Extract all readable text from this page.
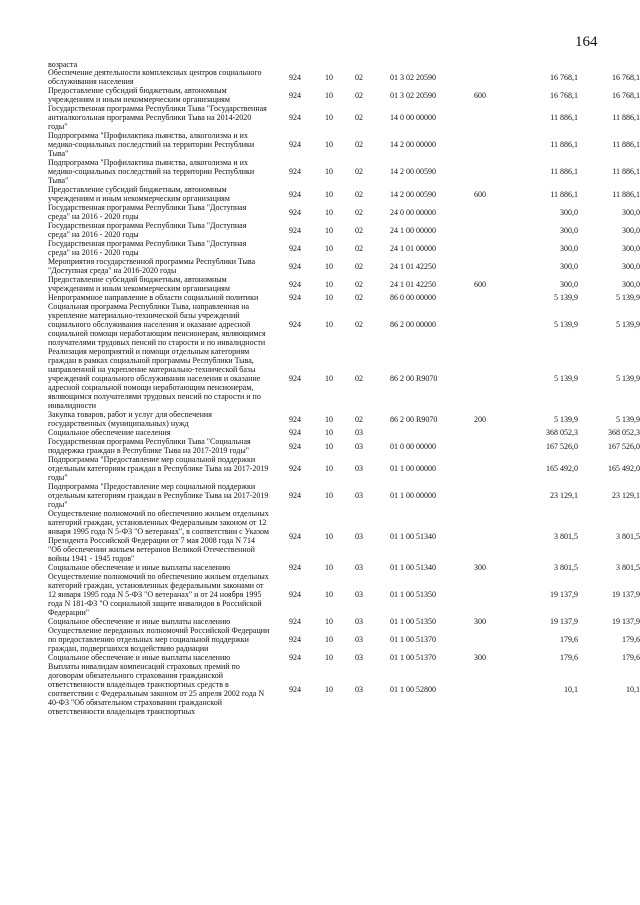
164
возраста
Обеспечение деятельности комплексных центров социального обслуживания населения	924	10	02	01 3 02 20590		16 768,1	16 768,1
Предоставление субсидий бюджетным, автономным учреждениям и иным некоммерческим организациям	924	10	02	01 3 02 20590	600	16 768,1	16 768,1
Государственная программа Республики Тыва "Государственная антиалкогольная программа Республики Тыва на 2014-2020 годы"	924	10	02	14 0 00 00000		11 886,1	11 886,1
Подпрограмма "Профилактика пьянства, алкоголизма и их медико-социальных последствий на территории Республики Тыва"	924	10	02	14 2 00 00000		11 886,1	11 886,1
Подпрограмма "Профилактика пьянства, алкоголизма и их медико-социальных последствий на территории Республики Тыва"	924	10	02	14 2 00 00590		11 886,1	11 886,1
Предоставление субсидий бюджетным, автономным учреждениям и иным некоммерческим организациям	924	10	02	14 2 00 00590	600	11 886,1	11 886,1
Государственная программа Республики Тыва "Доступная среда" на 2016 - 2020 годы	924	10	02	24 0 00 00000		300,0	300,0
Государственная программа Республики Тыва "Доступная среда" на 2016 - 2020 годы	924	10	02	24 1 00 00000		300,0	300,0
Государственная программа Республики Тыва "Доступная среда" на 2016 - 2020 годы	924	10	02	24 1 01 00000		300,0	300,0
Мероприятия государственной программы Республики Тыва "Доступная среда" на 2016-2020 годы	924	10	02	24 1 01 42250		300,0	300,0
Предоставление субсидий бюджетным, автономным учреждениям и иным некоммерческим организациям	924	10	02	24 1 01 42250	600	300,0	300,0
Непрограммное направление в области социальной политики	924	10	02	86 0 00 00000		5 139,9	5 139,9
Социальная программа Республики Тыва, направленная на укрепление материально-технической базы учреждений социального обслуживания населения и оказание адресной социальной помощи неработающим пенсионерам, являющимся получателями трудовых пенсий по старости и по инвалидности	924	10	02	86 2 00 00000		5 139,9	5 139,9
Реализация мероприятий и помощи отдельным категориям граждан в рамках социальной программы Республики Тыва, направленной на укрепление материально-технической базы учреждений социального обслуживания населения и оказание адресной социальной помощи неработающим пенсионерам, являющимся получателями трудовых пенсий по старости и по инвалидности	924	10	02	86 2 00 R9070		5 139,9	5 139,9
Закупка товаров, работ и услуг для обеспечения государственных (муниципальных) нужд	924	10	02	86 2 00 R9070	200	5 139,9	5 139,9
Социальное обеспечение населения	924	10	03			368 052,3	368 052,3
Государственная программа Республики Тыва "Социальная поддержка граждан в Республике Тыва на 2017-2019 годы"	924	10	03	01 0 00 00000		167 526,0	167 526,0
Подпрограмма "Предоставление мер социальной поддержки отдельным категориям граждан в Республике Тыва на 2017-2019 годы"	924	10	03	01 1 00 00000		165 492,0	165 492,0
Подпрограмма "Предоставление мер социальной поддержки отдельным категориям граждан в Республике Тыва на 2017-2019 годы"	924	10	03	01 1 00 00000		23 129,1	23 129,1
Осуществление полномочий по обеспечению жильем отдельных категорий граждан, установленных Федеральным законом от 12 января 1995 года N 5-ФЗ "О ветеранах", в соответствии с Указом Президента Российской Федерации от 7 мая 2008 года N 714 "Об обеспечении жильем ветеранов Великой Отечественной войны 1941 - 1945 годов"	924	10	03	01 1 00 51340		3 801,5	3 801,5
Социальное обеспечение и иные выплаты населению	924	10	03	01 1 00 51340	300	3 801,5	3 801,5
Осуществление полномочий по обеспечению жильем отдельных категорий граждан, установленных федеральными законами от 12 января 1995 года N 5-ФЗ "О ветеранах" и от 24 ноября 1995 года N 181-ФЗ "О социальной защите инвалидов в Российской Федерации"	924	10	03	01 1 00 51350		19 137,9	19 137,9
Социальное обеспечение и иные выплаты населению	924	10	03	01 1 00 51350	300	19 137,9	19 137,9
Осуществление переданных полномочий Российской Федерации по предоставлению отдельных мер социальной поддержки граждан, подвергшихся воздействию радиации	924	10	03	01 1 00 51370		179,6	179,6
Социальное обеспечение и иные выплаты населению	924	10	03	01 1 00 51370	300	179,6	179,6
Выплаты инвалидам компенсаций страховых премий по договорам обязательного страхования гражданской ответственности владельцев транспортных средств в соответствии с Федеральным законом от 25 апреля 2002 года N 40-ФЗ "Об обязательном страховании гражданской ответственности владельцев транспортных	924	10	03	01 1 00 52800		10,1	10,1
